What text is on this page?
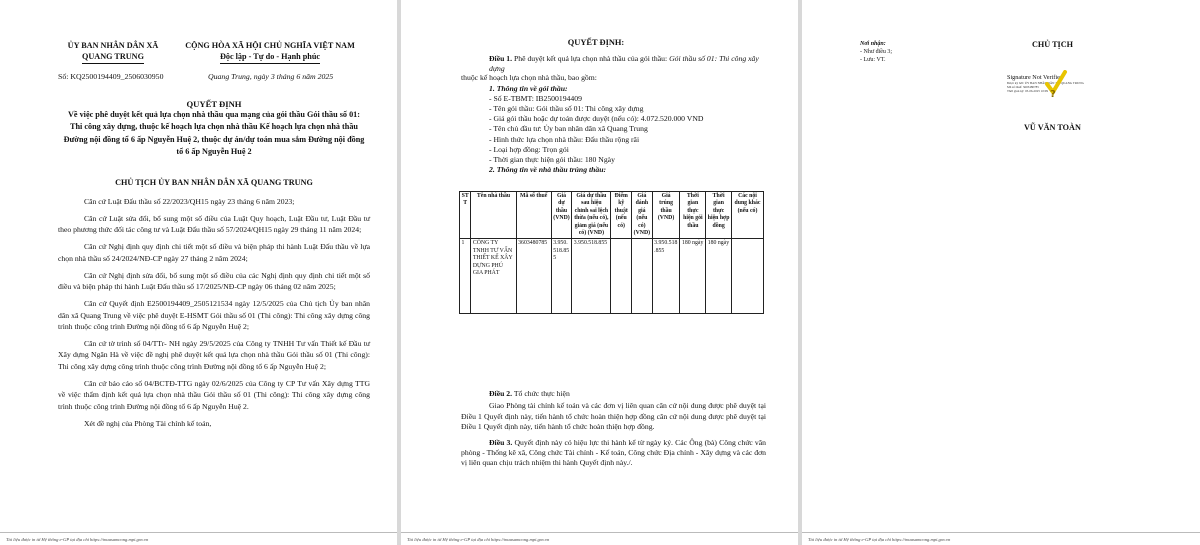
ỦY BAN NHÂN DÂN XÃ
QUANG TRUNG
CỘNG HÒA XÃ HỘI CHỦ NGHĨA VIỆT NAM
Độc lập - Tự do - Hạnh phúc
Số: KQ2500194409_2506030950	Quang Trung, ngày 3 tháng 6 năm 2025
QUYẾT ĐỊNH
Về việc phê duyệt kết quả lựa chọn nhà thầu qua mạng của gói thầu Gói thầu số 01: Thi công xây dựng, thuộc kế hoạch lựa chọn nhà thầu Kế hoạch lựa chọn nhà thầu Đường nội đồng tổ 6 ấp Nguyễn Huệ 2, thuộc dự án/dự toán mua sắm Đường nội đồng tổ 6 ấp Nguyễn Huệ 2
CHỦ TỊCH ỦY BAN NHÂN DÂN XÃ QUANG TRUNG

Căn cứ Luật Đấu thầu số 22/2023/QH15 ngày 23 tháng 6 năm 2023;

Căn cứ Luật sửa đổi, bổ sung một số điều của Luật Quy hoạch, Luật Đầu tư, Luật Đầu tư theo phương thức đối tác công tư và Luật Đấu thầu số 57/2024/QH15 ngày 29 tháng 11 năm 2024;

Căn cứ Nghị định quy định chi tiết một số điều và biện pháp thi hành Luật Đấu thầu về lựa chọn nhà thầu số 24/2024/NĐ-CP ngày 27 tháng 2 năm 2024;

Căn cứ Nghị định sửa đổi, bổ sung một số điều của các Nghị định quy định chi tiết một số điều và biện pháp thi hành Luật Đấu thầu số 17/2025/NĐ-CP ngày 06 tháng 02 năm 2025;

Căn cứ Quyết định E2500194409_2505121534 ngày 12/5/2025 của Chủ tịch Ủy ban nhân dân xã Quang Trung về việc phê duyệt E-HSMT Gói thầu số 01 (Thi công): Thi công xây dựng công trình thuộc công trình Đường nội đồng tổ 6 ấp Nguyễn Huệ 2;

Căn cứ tờ trình số 04/TTr- NH ngày 29/5/2025 của Công ty TNHH Tư vấn Thiết kế Đầu tư Xây dựng Ngân Hà về việc đề nghị phê duyệt kết quả lựa chọn nhà thầu Gói thầu số 01 (Thi công): Thi công xây dựng công trình thuộc công trình Đường nội đồng tổ 6 ấp Nguyễn Huệ 2;

Căn cứ báo cáo số 04/BCTĐ-TTG ngày 02/6/2025 của Công ty CP Tư vấn Xây dựng TTG về việc thẩm định kết quả lựa chọn nhà thầu Gói thầu số 01 (Thi công): Thi công xây dựng công trình thuộc công trình Đường nội đồng tổ 6 ấp Nguyễn Huệ 2.

Xét đề nghị của Phòng Tài chính kế toán,

Tài liệu được in từ Hệ thống e-GP tại địa chỉ https://muasamcong.mpi.gov.vn
QUYẾT ĐỊNH:
Điều 1. Phê duyệt kết quả lựa chọn nhà thầu của gói thầu: Gói thầu số 01: Thi công xây dựng
thuộc kế hoạch lựa chọn nhà thầu, bao gồm:
1. Thông tin về gói thầu:
- Số E-TBMT: IB2500194409
- Tên gói thầu: Gói thầu số 01: Thi công xây dựng
- Giá gói thầu hoặc dự toán được duyệt (nếu có): 4.072.520.000 VND
- Tên chủ đầu tư: Ủy ban nhân dân xã Quang Trung
- Hình thức lựa chọn nhà thầu: Đấu thầu rộng rãi
- Loại hợp đồng: Trọn gói
- Thời gian thực hiện gói thầu: 180 Ngày
2. Thông tin về nhà thầu trúng thầu:
STT	Tên nhà thầu	Mã số thuế	Giá dự thầu (VND)	Giá dự thầu sau hiệu chỉnh sai lệch thừa (nếu có), giảm giá (nếu có) (VND)	Điểm kỹ thuật (nếu có)	Giá đánh giá (nếu có) (VND)	Giá trúng thầu (VND)	Thời gian thực hiện gói thầu	Thời gian thực hiện hợp đồng	Các nội dung khác (nếu có)
1	CÔNG TY TNHH TƯ VẤN THIẾT KẾ XÂY DỰNG PHÚ GIA PHÁT	3603480785	3.950.518.855	3.950.518.855			3.950.518.855	180 ngày	180 ngày	

Điều 2. Tổ chức thực hiện

Giao Phòng tài chính kế toán và các đơn vị liên quan căn cứ nội dung được phê duyệt tại Điều 1 Quyết định này, tiến hành tổ chức hoàn thiện hợp đồng căn cứ nội dung được phê duyệt tại Điều 1 Quyết định này, tiến hành tổ chức hoàn thiện hợp đồng.

Điều 3. Quyết định này có hiệu lực thi hành kể từ ngày ký. Các Ông (bà) Công chức văn phòng - Thống kê xã, Công chức Tài chính - Kế toán, Công chức Địa chính - Xây dựng và các đơn vị liên quan chịu trách nhiệm thi hành Quyết định này./.

Tài liệu được in từ Hệ thống e-GP tại địa chỉ https://muasamcong.mpi.gov.vn
Nơi nhận:
- Như điều 3;
- Lưu: VT.
CHỦ TỊCH
Signature Not Verified
Được ký bởi: ỦY BAN NHÂN DÂN XÃ QUANG TRUNG
Mã số thuế: 3603480785
Thời gian ký: 03-06-2025 10:09 ?
VŨ VĂN TOÀN
Tài liệu được in từ Hệ thống e-GP tại địa chỉ https://muasamcong.mpi.gov.vn
